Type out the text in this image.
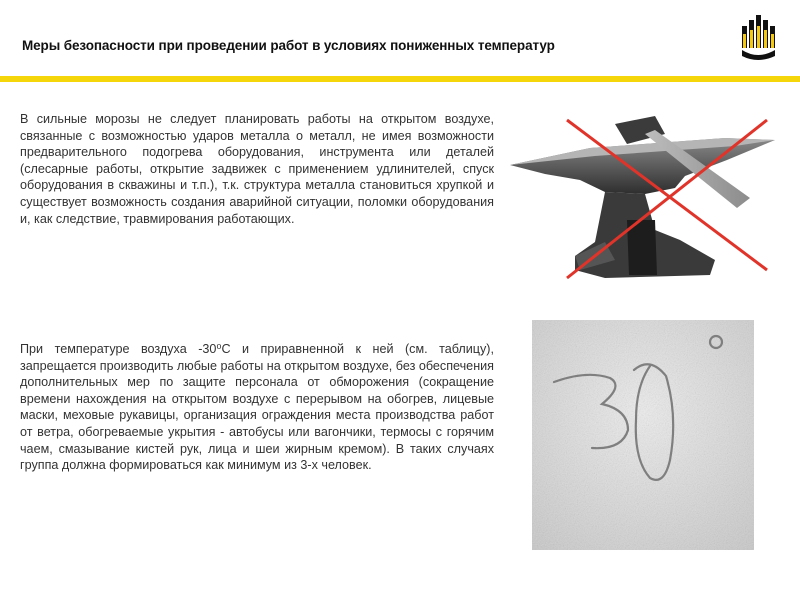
Меры безопасности при проведении работ в условиях пониженных температур

В сильные морозы не следует планировать работы на открытом воздухе, связанные с возможностью ударов металла о металл, не имея возможности предварительного подогрева оборудования, инструмента или деталей (слесарные работы, открытие задвижек с применением удлинителей, спуск оборудования в скважины и т.п.), т.к. структура металла становиться хрупкой и существует возможность создания аварийной ситуации, поломки оборудования и, как следствие, травмирования работающих.

При температуре воздуха -30⁰С и приравненной к ней (см. таблицу), запрещается производить любые работы на открытом воздухе, без обеспечения дополнительных мер по защите персонала от обморожения (сокращение времени нахождения на открытом воздухе с перерывом на обогрев, лицевые маски, меховые рукавицы, организация ограждения места производства работ от ветра, обогреваемые укрытия - автобусы или вагончики, термосы с горячим чаем, смазывание кистей рук, лица и шеи жирным кремом). В таких случаях группа должна формироваться как минимум из 3-х человек.
